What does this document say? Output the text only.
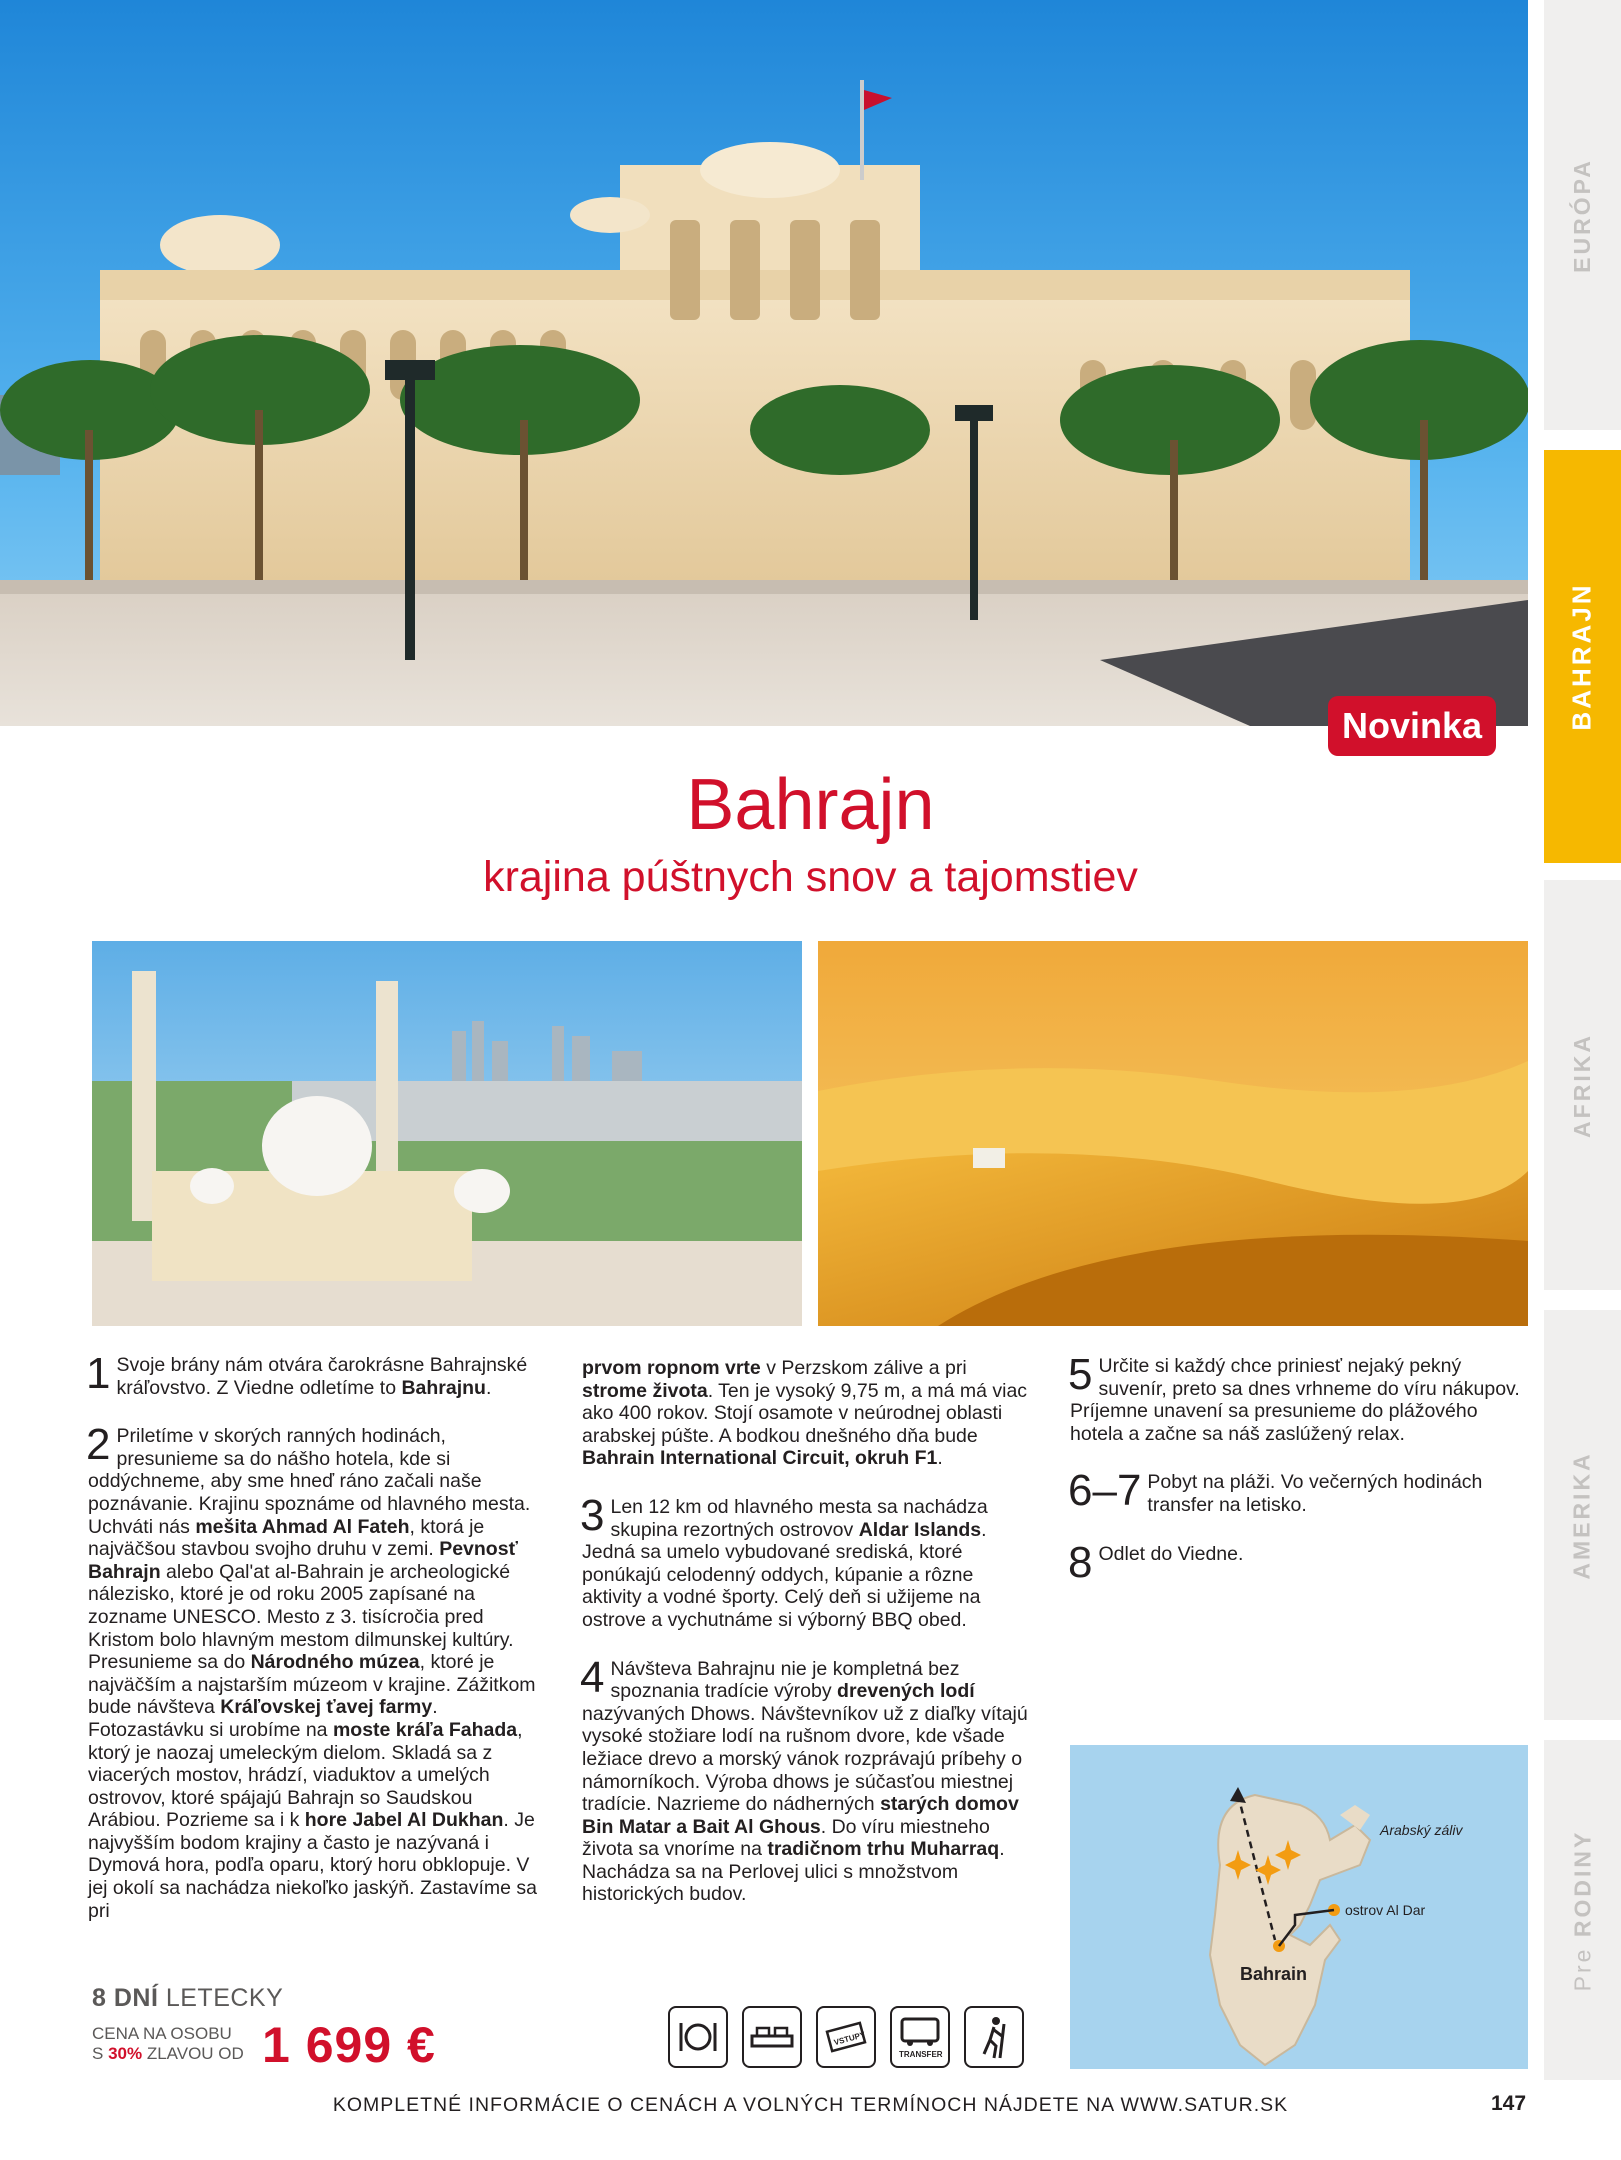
EURÓPA
BAHRAJN
AFRIKA
AMERIKA
Pre RODINY
Novinka
Bahrajn
krajina púštnych snov a tajomstiev

1 Svoje brány nám otvára čarokrásne Bahrajnské kráľovstvo. Z Viedne odletíme to Bahrajnu.

2 Priletíme v skorých ranných hodinách, presunieme sa do nášho hotela, kde si oddýchneme, aby sme hneď ráno začali naše poznávanie. Krajinu spoznáme od hlavného mesta. Uchváti nás mešita Ahmad Al Fateh, ktorá je najväčšou stavbou svojho druhu v zemi. Pevnosť Bahrajn alebo Qal'at al-Bahrain je archeologické nálezisko, ktoré je od roku 2005 zapísané na zozname UNESCO. Mesto z 3. tisícročia pred Kristom bolo hlavným mestom dilmunskej kultúry. Presunieme sa do Národného múzea, ktoré je najväčším a najstarším múzeom v krajine. Zážitkom bude návšteva Kráľovskej ťavej farmy. Fotozastávku si urobíme na moste kráľa Fahada, ktorý je naozaj umeleckým dielom. Skladá sa z viacerých mostov, hrádzí, viaduktov a umelých ostrovov, ktoré spájajú Bahrajn so Saudskou Arábiou. Pozrieme sa i k hore Jabel Al Dukhan. Je najvyšším bodom krajiny a často je nazývaná i Dymová hora, podľa oparu, ktorý horu obklopuje. V jej okolí sa nachádza niekoľko jaskýň. Zastavíme sa pri

prvom ropnom vrte v Perzskom zálive a pri strome života. Ten je vysoký 9,75 m, a má má viac ako 400 rokov. Stojí osamote v neúrodnej oblasti arabskej púšte. A bodkou dnešného dňa bude Bahrain International Circuit, okruh F1.

3 Len 12 km od hlavného mesta sa nachádza skupina rezortných ostrovov Aldar Islands. Jedná sa umelo vybudované srediská, ktoré ponúkajú celodenný oddych, kúpanie a rôzne aktivity a vodné športy. Celý deň si užijeme na ostrove a vychutnáme si výborný BBQ obed.

4 Návšteva Bahrajnu nie je kompletná bez spoznania tradície výroby drevených lodí nazývaných Dhows. Návštevníkov už z diaľky vítajú vysoké stožiare lodí na rušnom dvore, kde všade ležiace drevo a morský vánok rozprávajú príbehy o námorníkoch. Výroba dhows je súčasťou miestnej tradície. Nazrieme do nádherných starých domov Bin Matar a Bait Al Ghous. Do víru miestneho života sa vnoríme na tradičnom trhu Muharraq. Nachádza sa na Perlovej ulici s množstvom historických budov.

5 Určite si každý chce priniesť nejaký pekný suvenír, preto sa dnes vrhneme do víru nákupov. Príjemne unavení sa presunieme do plážového hotela a začne sa náš zaslúžený relax.

6–7 Pobyt na pláži. Vo večerných hodinách transfer na letisko.

8 Odlet do Viedne.

Arabský záliv
ostrov Al Dar
Bahrain
8 DNÍ LETECKY
CENA NA OSOBU
S 30% ZLAVOU OD 1 699 €	VSTUPY
TRANSFER
KOMPLETNÉ INFORMÁCIE O CENÁCH A VOLNÝCH TERMÍNOCH NÁJDETE NA WWW.SATUR.SK	147
